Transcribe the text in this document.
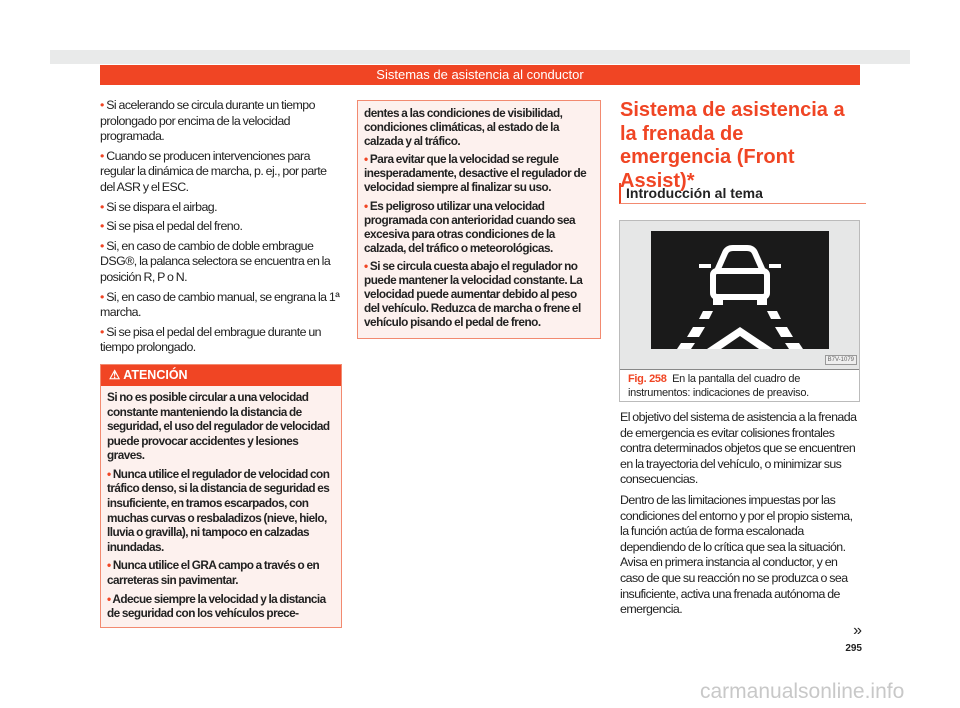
Sistemas de asistencia al conductor

• Si acelerando se circula durante un tiempo prolongado por encima de la velocidad programada.

• Cuando se producen intervenciones para regular la dinámica de marcha, p. ej., por parte del ASR y el ESC.

• Si se dispara el airbag.

• Si se pisa el pedal del freno.

• Si, en caso de cambio de doble embrague DSG®, la palanca selectora se encuentra en la posición R, P o N.

• Si, en caso de cambio manual, se engrana la 1ª marcha.

• Si se pisa el pedal del embrague durante un tiempo prolongado.

⚠ ATENCIÓN

Si no es posible circular a una velocidad constante manteniendo la distancia de seguridad, el uso del regulador de velocidad puede provocar accidentes y lesiones graves.

• Nunca utilice el regulador de velocidad con tráfico denso, si la distancia de seguridad es insuficiente, en tramos escarpados, con muchas curvas o resbaladizos (nieve, hielo, lluvia o gravilla), ni tampoco en calzadas inundadas.

• Nunca utilice el GRA campo a través o en carreteras sin pavimentar.

• Adecue siempre la velocidad y la distancia de seguridad con los vehículos prece-

dentes a las condiciones de visibilidad, condiciones climáticas, al estado de la calzada y al tráfico.

• Para evitar que la velocidad se regule inesperadamente, desactive el regulador de velocidad siempre al finalizar su uso.

• Es peligroso utilizar una velocidad programada con anterioridad cuando sea excesiva para otras condiciones de la calzada, del tráfico o meteorológicas.

• Si se circula cuesta abajo el regulador no puede mantener la velocidad constante. La velocidad puede aumentar debido al peso del vehículo. Reduzca de marcha o frene el vehículo pisando el pedal de freno.

Sistema de asistencia a la frenada de emergencia (Front Assist)*
Introducción al tema
B7V-1079
Fig. 258 En la pantalla del cuadro de instrumentos: indicaciones de preaviso.

El objetivo del sistema de asistencia a la frenada de emergencia es evitar colisiones frontales contra determinados objetos que se encuentren en la trayectoria del vehículo, o minimizar sus consecuencias.

Dentro de las limitaciones impuestas por las condiciones del entorno y por el propio sistema, la función actúa de forma escalonada dependiendo de lo crítica que sea la situación. Avisa en primera instancia al conductor, y en caso de que su reacción no se produzca o sea insuficiente, activa una frenada autónoma de emergencia.

»
295
carmanualsonline.info
